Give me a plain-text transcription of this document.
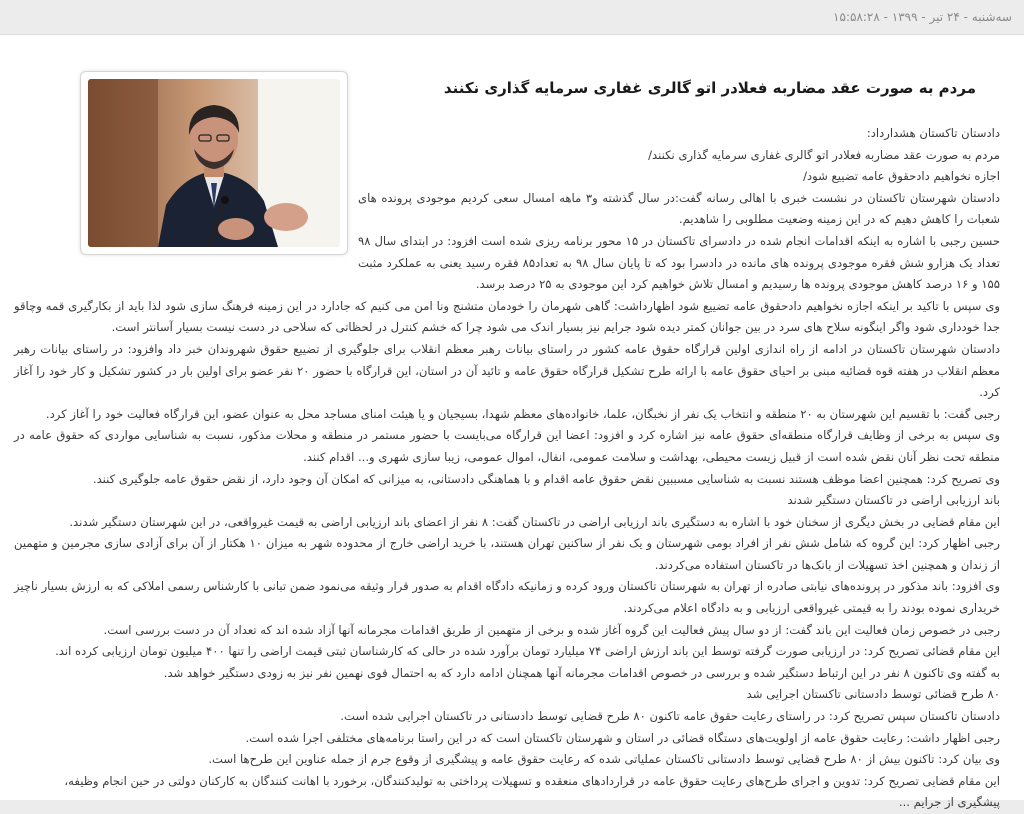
سه‌شنبه - ۲۴ تیر - ۱۳۹۹ - ۱۵:۵۸:۲۸
مردم به صورت عقد مضاربه فعلادر اتو گالری غفاری سرمایه گذاری نکنند

دادستان تاکستان هشدارداد:

مردم به صورت عقد مضاربه فعلادر اتو گالری غفاری سرمایه گذاری نکنند/

اجازه نخواهیم دادحقوق عامه تضییع شود/

دادستان شهرستان تاکستان در نشست خبری با اهالی رسانه گفت:در سال گذشته و۳ ماهه امسال سعی کردیم موجودی پرونده های شعبات را کاهش دهیم که در این زمینه وضعیت مطلوبی را شاهدیم.

حسین رجبی با اشاره به اینکه اقدامات انجام شده در دادسرای تاکستان در ۱۵ محور برنامه ریزی شده است افزود: در ابتدای سال ۹۸ تعداد یک هزارو شش فقره موجودی پرونده های مانده در دادسرا بود که تا پایان سال ۹۸ به تعداد۸۵ فقره رسید یعنی به عملکرد مثبت ۱۵۵ و ۱۶ درصد کاهش موجودی پرونده ها رسیدیم و امسال تلاش خواهیم کرد این موجودی به ۲۵ درصد برسد.

وی سپس با تاکید بر اینکه اجازه نخواهیم دادحقوق عامه تضییع شود اظهارداشت: گاهی شهرمان را خودمان متشنج ونا امن می کنیم که جادارد در این زمینه فرهنگ سازی شود لذا باید از بکارگیری قمه وچاقو جدا خودداری شود واگر اینگونه سلاح های سرد در بین جوانان کمتر دیده شود جرایم نیز بسیار اندک می شود چرا که خشم کنترل در لحظاتی که سلاحی در دست نیست بسیار آسانتر است.

دادستان شهرستان تاکستان در ادامه از راه اندازی اولین قرارگاه حقوق عامه کشور در راستای بیانات رهبر معظم انقلاب برای جلوگیری از تضییع حقوق شهروندان خبر داد وافزود: در راستای بیانات رهبر معظم انقلاب در هفته قوه قضائیه مبنی بر احیای حقوق عامه با ارائه طرح تشکیل قرارگاه حقوق عامه و تائید آن در استان، این قرارگاه با حضور ۲۰ نفر عضو برای اولین بار در کشور تشکیل و کار خود را آغاز کرد.

رجبی گفت: با تقسیم این شهرستان به ۲۰ منطقه و انتخاب یک نفر از نخبگان، علما، خانواده‌های معظم شهدا، بسیجیان و یا هیئت امنای مساجد محل به عنوان عضو، این قرارگاه فعالیت خود را آغاز کرد.

وی سپس به برخی از وظایف قرارگاه منطقه‌ای حقوق عامه نیز اشاره کرد و افزود: اعضا این قرارگاه می‌بایست با حضور مستمر در منطقه و محلات مذکور، نسبت به شناسایی مواردی که حقوق عامه در منطقه تحت نظر آنان نقض شده است از قبیل زیست محیطی، بهداشت و سلامت عمومی، انفال، اموال عمومی، زیبا سازی شهری و... اقدام کنند.

وی تصریح کرد: همچنین اعضا موظف هستند نسبت به شناسایی مسببین نقض حقوق عامه اقدام و با هماهنگی دادستانی، به میزانی که امکان آن وجود دارد، از نقض حقوق عامه جلوگیری کنند.

باند ارزیابی اراضی در تاکستان دستگیر شدند

این مقام قضایی در بخش دیگری از سخنان خود با اشاره به دستگیری باند ارزیابی اراضی در تاکستان گفت: ۸ نفر از اعضای باند ارزیابی اراضی به قیمت غیرواقعی، در این شهرستان دستگیر شدند.

رجبی اظهار کرد: این گروه که شامل شش نفر از افراد بومی شهرستان و یک نفر از ساکنین تهران هستند، با خرید اراضی خارج از محدوده شهر به میزان ۱۰ هکتار از آن برای آزادی سازی مجرمین و متهمین از زندان و همچنین اخذ تسهیلات از بانک‌ها در تاکستان استفاده می‌کردند.

وی افزود: باند مذکور در پرونده‌های نیابتی صادره از تهران به شهرستان تاکستان ورود کرده و زمانیکه دادگاه اقدام به صدور قرار وثیقه می‌نمود ضمن تبانی با کارشناس رسمی املاکی که به ارزش بسیار ناچیز خریداری نموده بودند را به قیمتی غیرواقعی ارزیابی و به دادگاه اعلام می‌کردند.

رجبی در خصوص زمان فعالیت این باند گفت: از دو سال پیش فعالیت این گروه آغاز شده و برخی از متهمین از طریق اقدامات مجرمانه آنها آزاد شده اند که تعداد آن در دست بررسی است.

این مقام قضائی تصریح کرد: در ارزیابی صورت گرفته توسط این باند ارزش اراضی ۷۴ میلیارد تومان برآورد شده در حالی که کارشناسان ثبتی قیمت اراضی را تنها ۴۰۰ میلیون تومان ارزیابی کرده اند.

به گفته وی تاکنون ۸ نفر در این ارتباط دستگیر شده و بررسی در خصوص اقدامات مجرمانه آنها همچنان ادامه دارد که به احتمال قوی نهمین نفر نیز به زودی دستگیر خواهد شد.

۸۰ طرح قضائی توسط دادستانی تاکستان اجرایی شد

دادستان تاکستان سپس تصریح کرد: در راستای رعایت حقوق عامه تاکنون ۸۰ طرح قضایی توسط دادستانی در تاکستان اجرایی شده است.

رجبی اظهار داشت: رعایت حقوق عامه از اولویت‌های دستگاه قضائی در استان و شهرستان تاکستان است که در این راستا برنامه‌های مختلفی اجرا شده است.

وی بیان کرد: تاکنون بیش از ۸۰ طرح قضایی توسط دادستانی تاکستان عملیاتی شده که رعایت حقوق عامه و پیشگیری از وقوع جرم از جمله عناوین این طرح‌ها است.

این مقام قضایی تصریح کرد: تدوین و اجرای طرح‌های رعایت حقوق عامه در قراردادهای منعقده و تسهیلات پرداختی به تولیدکنندگان، برخورد با اهانت کنندگان به کارکنان دولتی در حین انجام وظیفه،

پیشگیری از جرایم ...
